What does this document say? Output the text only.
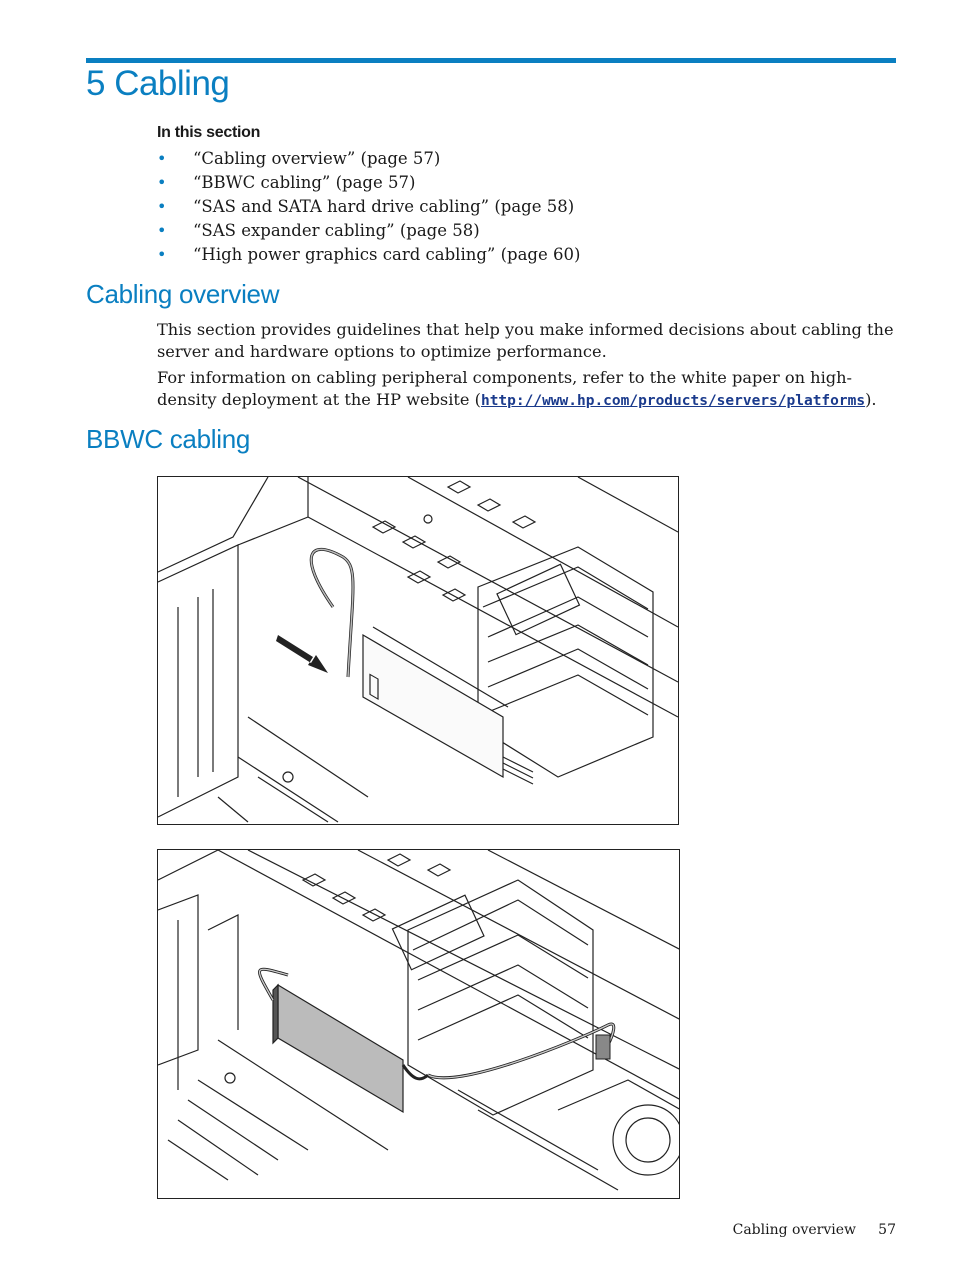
5 Cabling
In this section
• “Cabling overview” (page 57)
• “BBWC cabling” (page 57)
• “SAS and SATA hard drive cabling” (page 58)
• “SAS expander cabling” (page 58)
• “High power graphics card cabling” (page 60)
Cabling overview

This section provides guidelines that help you make informed decisions about cabling the server and hardware options to optimize performance.

For information on cabling peripheral components, refer to the white paper on high-density deployment at the HP website (http://www.hp.com/products/servers/platforms).

BBWC cabling
Cabling overview 57
